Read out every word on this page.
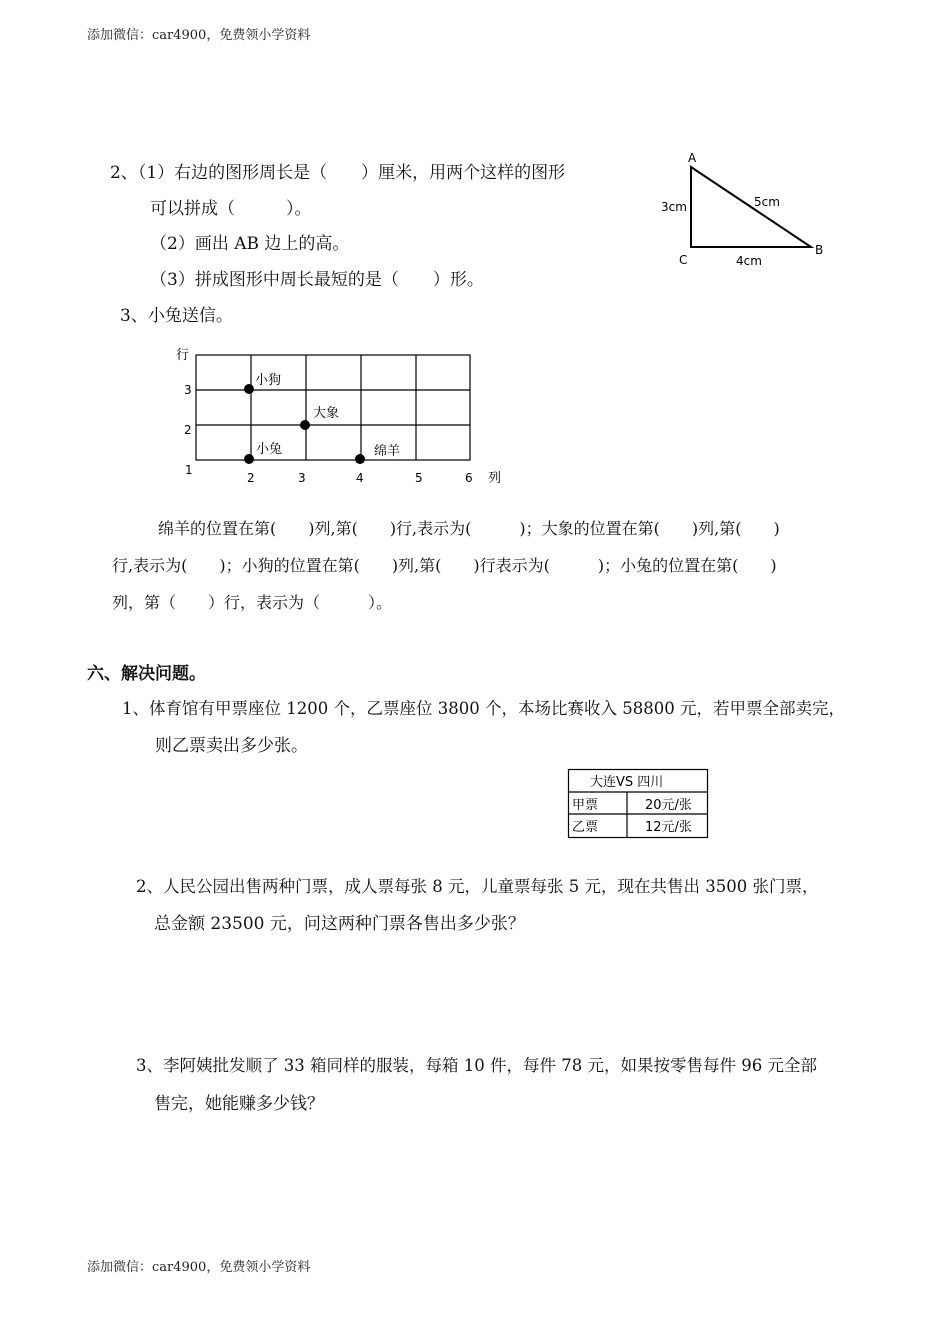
添加微信：car4900，免费领小学资料
2、（1）右边的图形周长是（　　）厘米，用两个这样的图形
可以拼成（　　　）。
（2）画出 AB 边上的高。
（3）拼成图形中周长最短的是（　　）形。
A
B
C
3cm	5cm
4cm
3、小兔送信。
行
列
1
2
3
2	3	4	5	6
小狗
大象
小兔	绵羊
绵羊的位置在第(　　)列,第(　　)行,表示为(　　　)；大象的位置在第(　　)列,第(　　)
行,表示为(　　)；小狗的位置在第(　　)列,第(　　)行表示为(　　　)；小兔的位置在第(　　)
列，第（　　）行，表示为（　　　）。
六、解决问题。
1、体育馆有甲票座位 1200 个，乙票座位 3800 个，本场比赛收入 58800 元，若甲票全部卖完，
则乙票卖出多少张。
大连VS 四川
甲票	20元/张
乙票	12元/张
2、人民公园出售两种门票，成人票每张 8 元，儿童票每张 5 元，现在共售出 3500 张门票，
总金额 23500 元，问这两种门票各售出多少张？
3、李阿姨批发顺了 33 箱同样的服装，每箱 10 件，每件 78 元，如果按零售每件 96 元全部
售完，她能赚多少钱？
添加微信：car4900，免费领小学资料
